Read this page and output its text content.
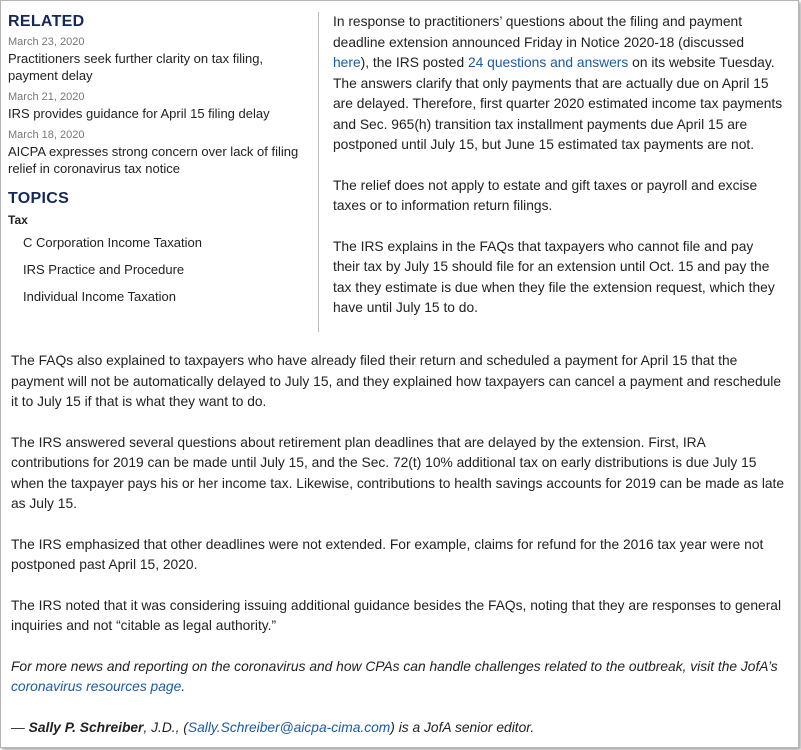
RELATED
March 23, 2020
Practitioners seek further clarity on tax filing, payment delay
March 21, 2020
IRS provides guidance for April 15 filing delay
March 18, 2020
AICPA expresses strong concern over lack of filing relief in coronavirus tax notice
TOPICS
Tax
C Corporation Income Taxation
IRS Practice and Procedure
Individual Income Taxation

In response to practitioners’ questions about the filing and payment deadline extension announced Friday in Notice 2020-18 (discussed here), the IRS posted 24 questions and answers on its website Tuesday. The answers clarify that only payments that are actually due on April 15 are delayed. Therefore, first quarter 2020 estimated income tax payments and Sec. 965(h) transition tax installment payments due April 15 are postponed until July 15, but June 15 estimated tax payments are not.

The relief does not apply to estate and gift taxes or payroll and excise taxes or to information return filings.

The IRS explains in the FAQs that taxpayers who cannot file and pay their tax by July 15 should file for an extension until Oct. 15 and pay the tax they estimate is due when they file the extension request, which they have until July 15 to do.

The FAQs also explained to taxpayers who have already filed their return and scheduled a payment for April 15 that the payment will not be automatically delayed to July 15, and they explained how taxpayers can cancel a payment and reschedule it to July 15 if that is what they want to do.

The IRS answered several questions about retirement plan deadlines that are delayed by the extension. First, IRA contributions for 2019 can be made until July 15, and the Sec. 72(t) 10% additional tax on early distributions is due July 15 when the taxpayer pays his or her income tax. Likewise, contributions to health savings accounts for 2019 can be made as late as July 15.

The IRS emphasized that other deadlines were not extended. For example, claims for refund for the 2016 tax year were not postponed past April 15, 2020.

The IRS noted that it was considering issuing additional guidance besides the FAQs, noting that they are responses to general inquiries and not “citable as legal authority.”

For more news and reporting on the coronavirus and how CPAs can handle challenges related to the outbreak, visit the JofA’s coronavirus resources page.

— Sally P. Schreiber, J.D., (Sally.Schreiber@aicpa-cima.com) is a JofA senior editor.
